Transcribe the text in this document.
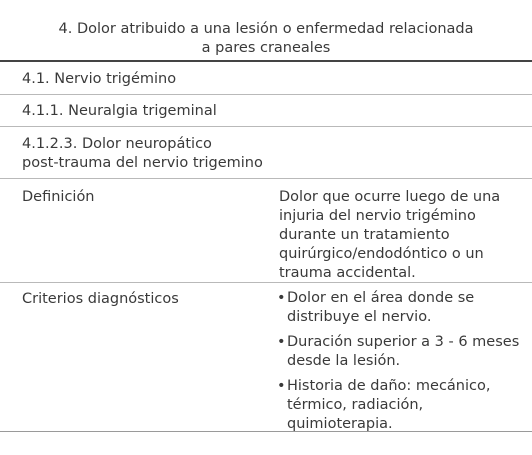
4. Dolor atribuido a una lesión o enfermedad relacionada
a pares craneales
4.1. Nervio trigémino
4.1.1. Neuralgia trigeminal
4.1.2.3. Dolor neuropático
post-trauma del nervio trigemino
Definición	Dolor que ocurre luego de una injuria del nervio trigémino durante un tratamiento quirúrgico/endodóntico o un trauma accidental.
Criterios diagnósticos
•	Dolor en el área donde se distribuye el nervio.
• Duración superior a 3 - 6 meses desde la lesión.
• Historia de daño: mecánico, térmico, radiación, quimioterapia.
